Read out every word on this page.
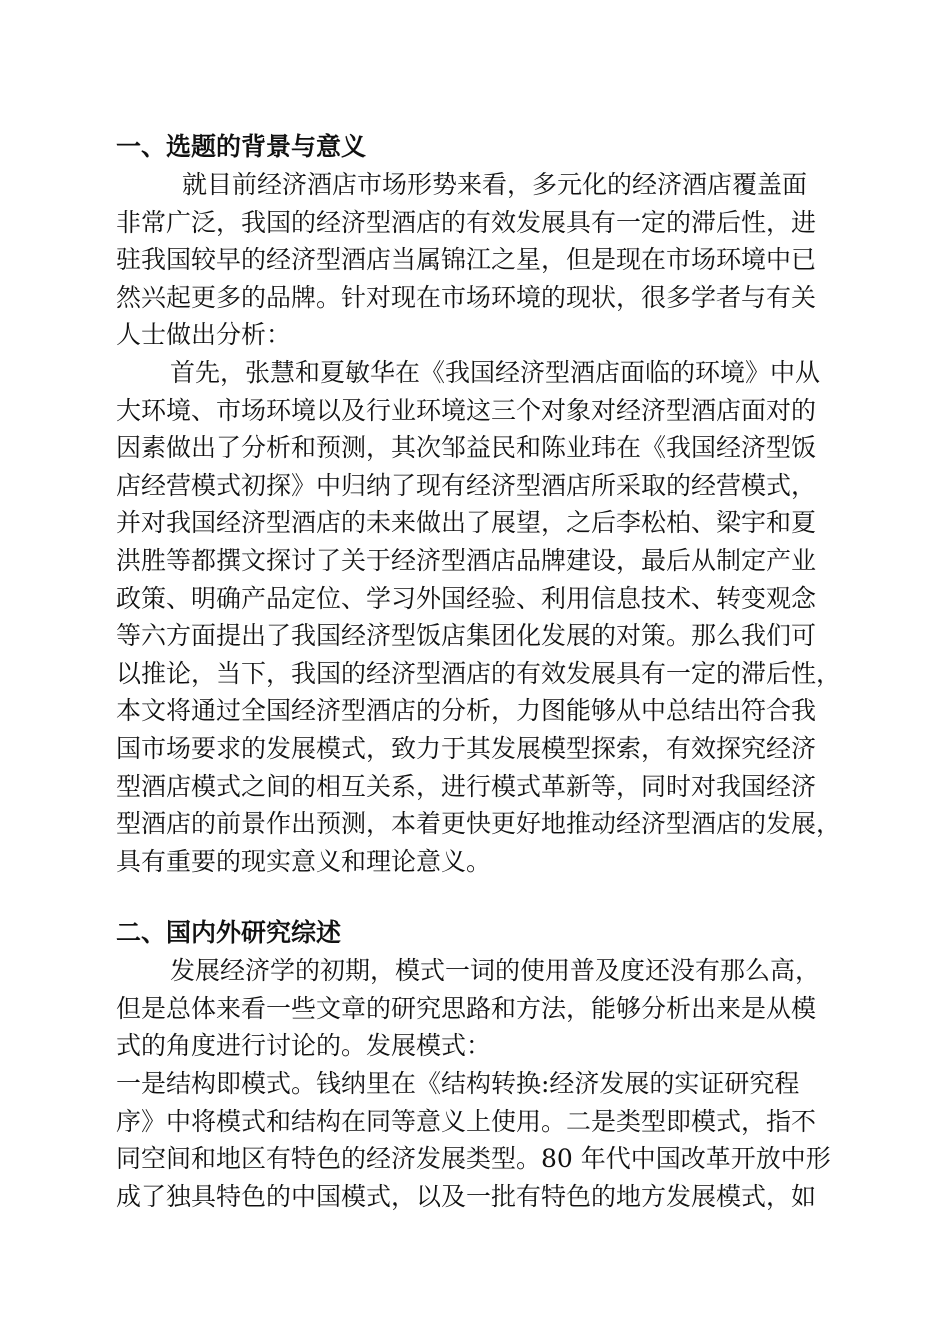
一、选题的背景与意义
就目前经济酒店市场形势来看，多元化的经济酒店覆盖面
非常广泛，我国的经济型酒店的有效发展具有一定的滞后性，进
驻我国较早的经济型酒店当属锦江之星，但是现在市场环境中已
然兴起更多的品牌。针对现在市场环境的现状，很多学者与有关
人士做出分析：
首先，张慧和夏敏华在《我国经济型酒店面临的环境》中从
大环境、市场环境以及行业环境这三个对象对经济型酒店面对的
因素做出了分析和预测，其次邹益民和陈业玮在《我国经济型饭
店经营模式初探》中归纳了现有经济型酒店所采取的经营模式，
并对我国经济型酒店的未来做出了展望，之后李松柏、梁宇和夏
洪胜等都撰文探讨了关于经济型酒店品牌建设，最后从制定产业
政策、明确产品定位、学习外国经验、利用信息技术、转变观念
等六方面提出了我国经济型饭店集团化发展的对策。那么我们可
以推论，当下，我国的经济型酒店的有效发展具有一定的滞后性，
本文将通过全国经济型酒店的分析，力图能够从中总结出符合我
国市场要求的发展模式，致力于其发展模型探索，有效探究经济
型酒店模式之间的相互关系，进行模式革新等，同时对我国经济
型酒店的前景作出预测，本着更快更好地推动经济型酒店的发展，
具有重要的现实意义和理论意义。
二、国内外研究综述
发展经济学的初期，模式一词的使用普及度还没有那么高，
但是总体来看一些文章的研究思路和方法，能够分析出来是从模
式的角度进行讨论的。发展模式：
一是结构即模式。钱纳里在《结构转换:经济发展的实证研究程
序》中将模式和结构在同等意义上使用。二是类型即模式，指不
同空间和地区有特色的经济发展类型。80 年代中国改革开放中形
成了独具特色的中国模式，以及一批有特色的地方发展模式，如
